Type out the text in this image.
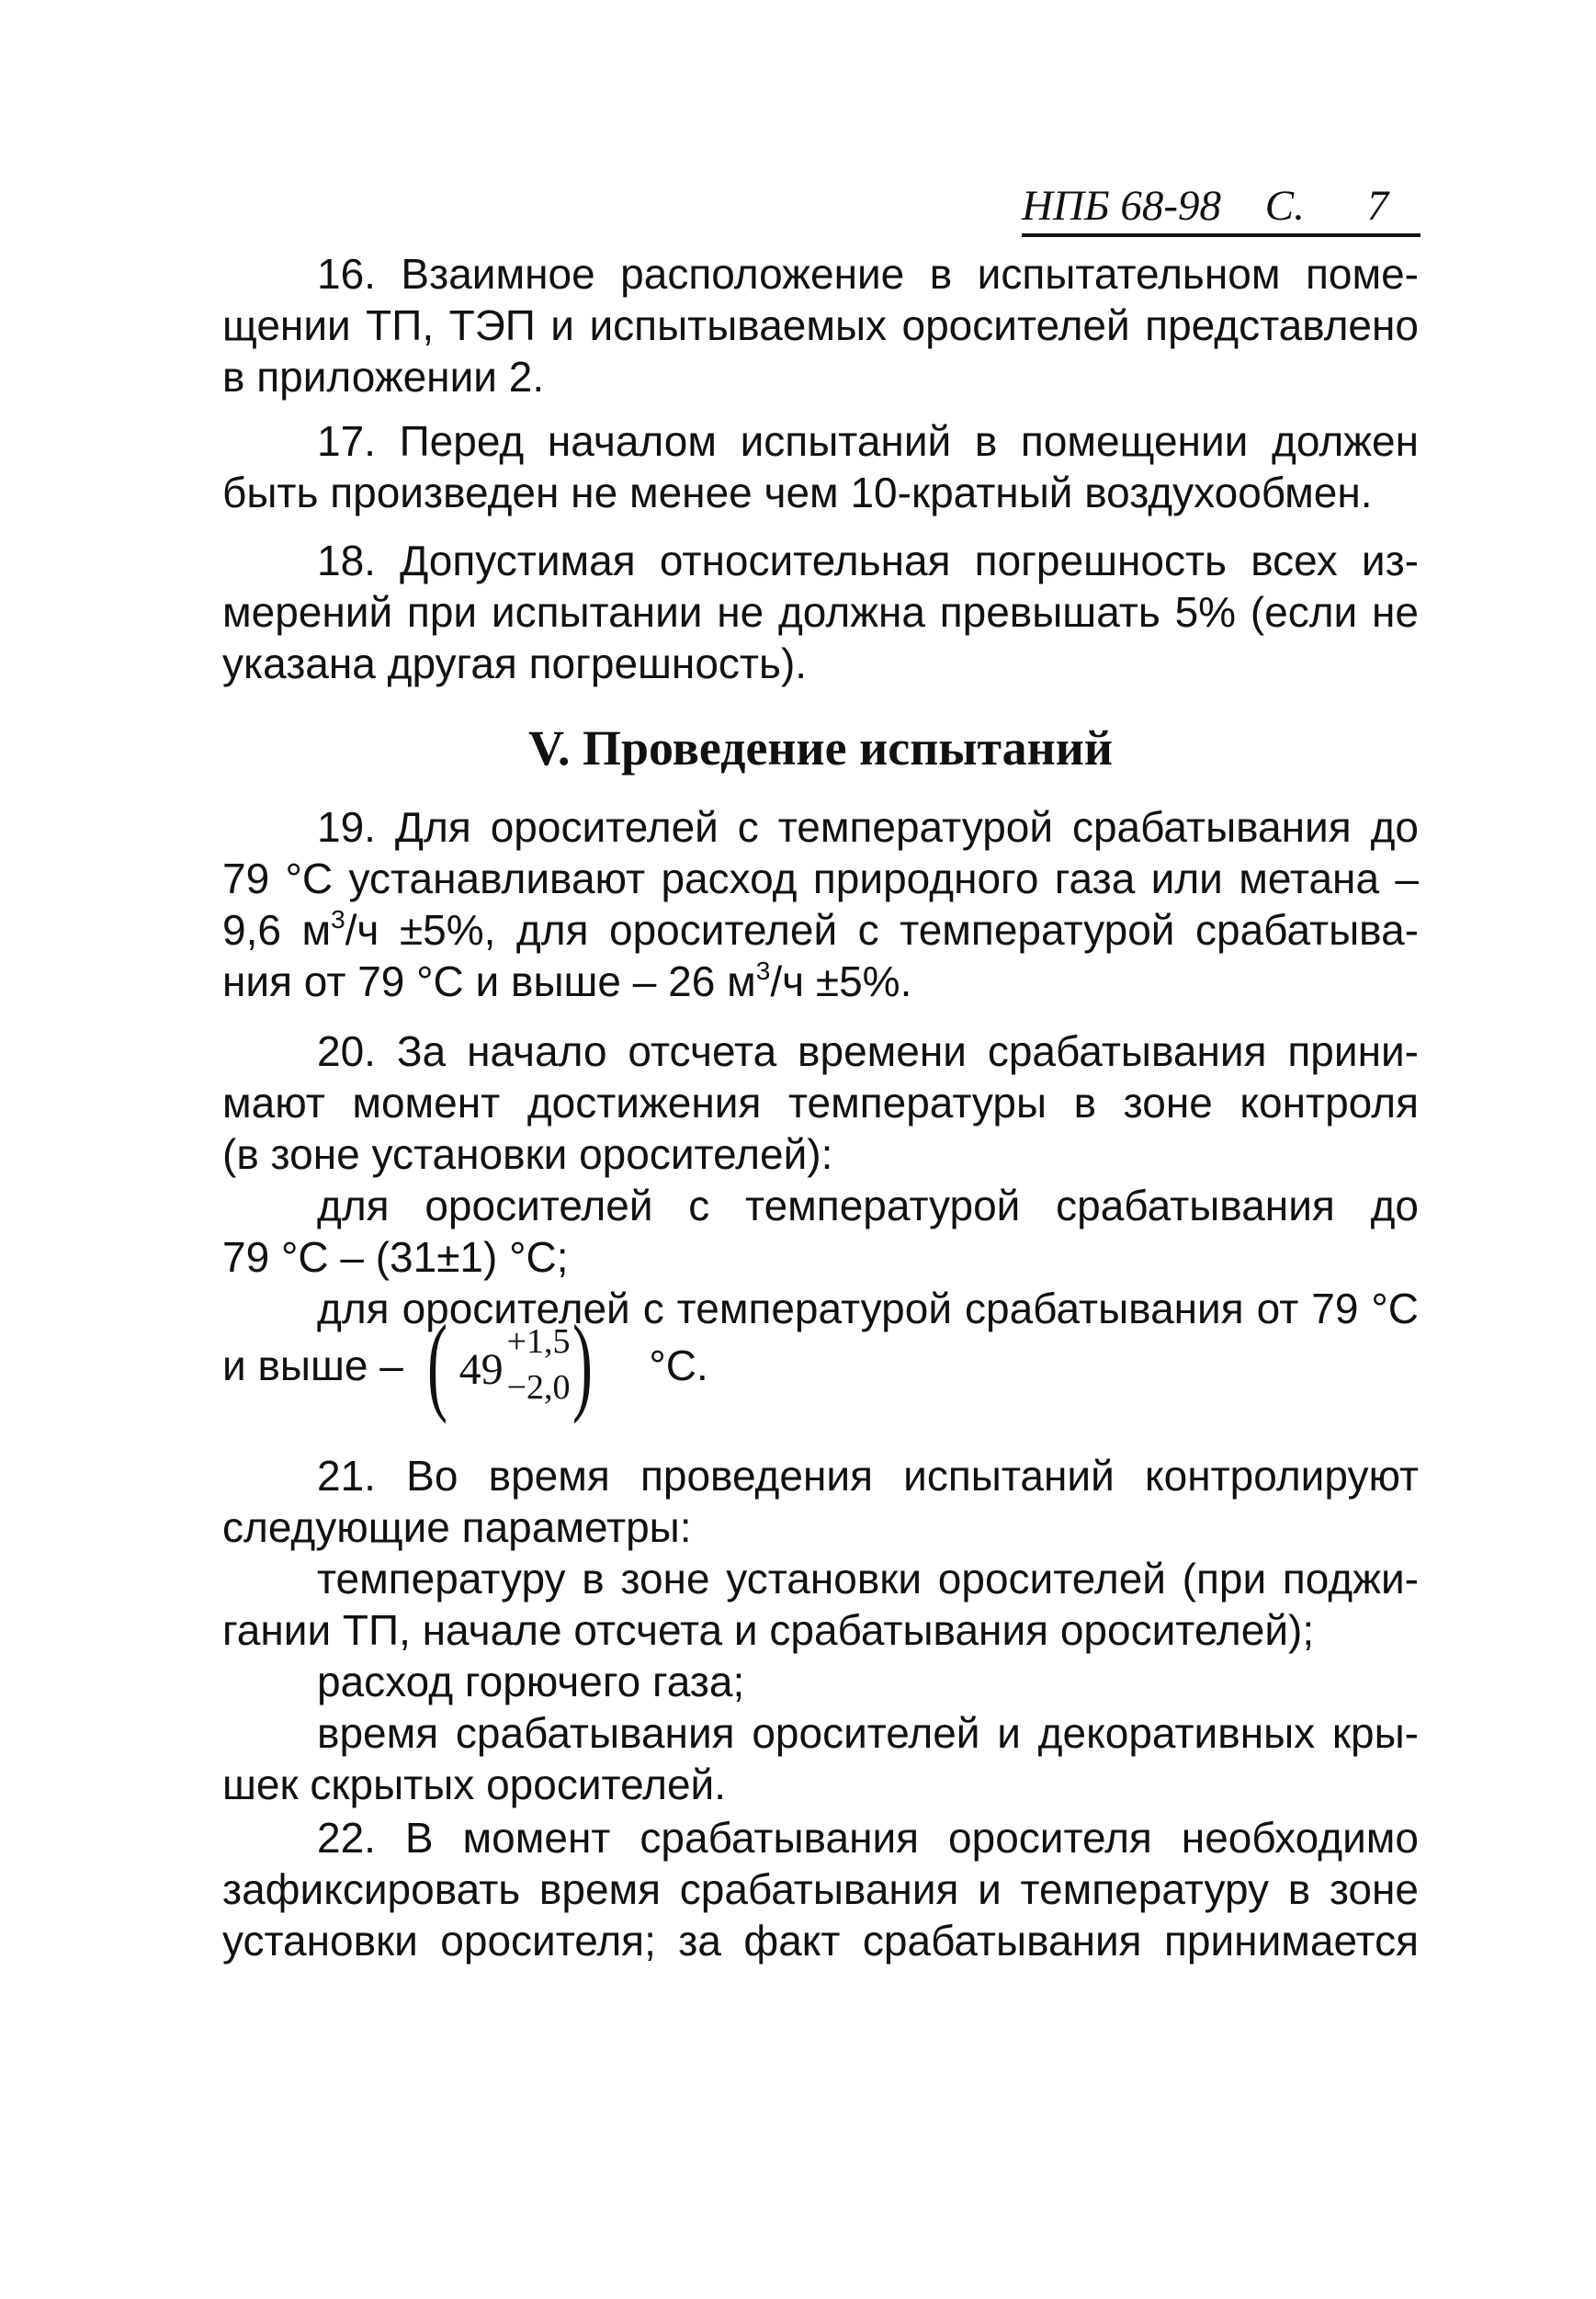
НПБ 68-98 С. 7
16. Взаимное расположение в испытательном поме-
щении ТП, ТЭП и испытываемых оросителей представлено
в приложении 2.
17. Перед началом испытаний в помещении должен
быть произведен не менее чем 10-кратный воздухообмен.
18. Допустимая относительная погрешность всех из-
мерений при испытании не должна превышать 5% (если не
указана другая погрешность).
V. Проведение испытаний
19. Для оросителей с температурой срабатывания до
79 °С устанавливают расход природного газа или метана –
9,6 $м^3/ч \pm 5\%$, для оросителей с температурой срабатыва-
ния от 79 °С и выше – 26 $м^3/ч \pm 5\%$.
20. За начало отсчета времени срабатывания прини-
мают момент достижения температуры в зоне контроля
(в зоне установки оросителей):
для оросителей с температурой срабатывания до
79 °С – (31±1) °С;
для оросителей с температурой срабатывания от 79 °С
и выше – ( 49
+1,5
−2,0 ) °С.
21. Во время проведения испытаний контролируют
следующие параметры:
температуру в зоне установки оросителей (при поджи-
гании ТП, начале отсчета и срабатывания оросителей);
расход горючего газа;
время срабатывания оросителей и декоративных кры-
шек скрытых оросителей.
22. В момент срабатывания оросителя необходимо
зафиксировать время срабатывания и температуру в зоне
установки оросителя; за факт срабатывания принимается
